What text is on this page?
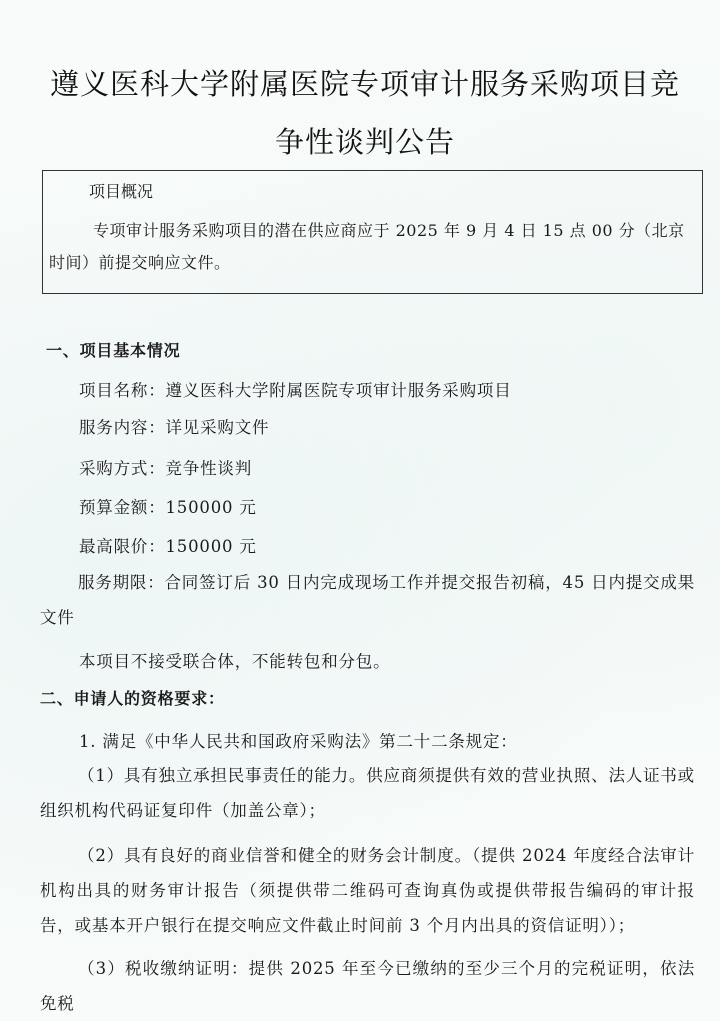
遵义医科大学附属医院专项审计服务采购项目竞
争性谈判公告
项目概况
专项审计服务采购项目的潜在供应商应于 2025 年 9 月 4 日 15 点 00 分（北京时间）前提交响应文件。
一、项目基本情况
项目名称：遵义医科大学附属医院专项审计服务采购项目
服务内容：详见采购文件
采购方式：竞争性谈判
预算金额：150000 元
最高限价：150000 元
服务期限：合同签订后 30 日内完成现场工作并提交报告初稿，45 日内提交成果文件
本项目不接受联合体，不能转包和分包。
二、申请人的资格要求：
1. 满足《中华人民共和国政府采购法》第二十二条规定：
（1）具有独立承担民事责任的能力。供应商须提供有效的营业执照、法人证书或组织机构代码证复印件（加盖公章）；
（2）具有良好的商业信誉和健全的财务会计制度。（提供 2024 年度经合法审计机构出具的财务审计报告（须提供带二维码可查询真伪或提供带报告编码的审计报告，或基本开户银行在提交响应文件截止时间前 3 个月内出具的资信证明））；
（3）税收缴纳证明：提供 2025 年至今已缴纳的至少三个月的完税证明，依法免税
